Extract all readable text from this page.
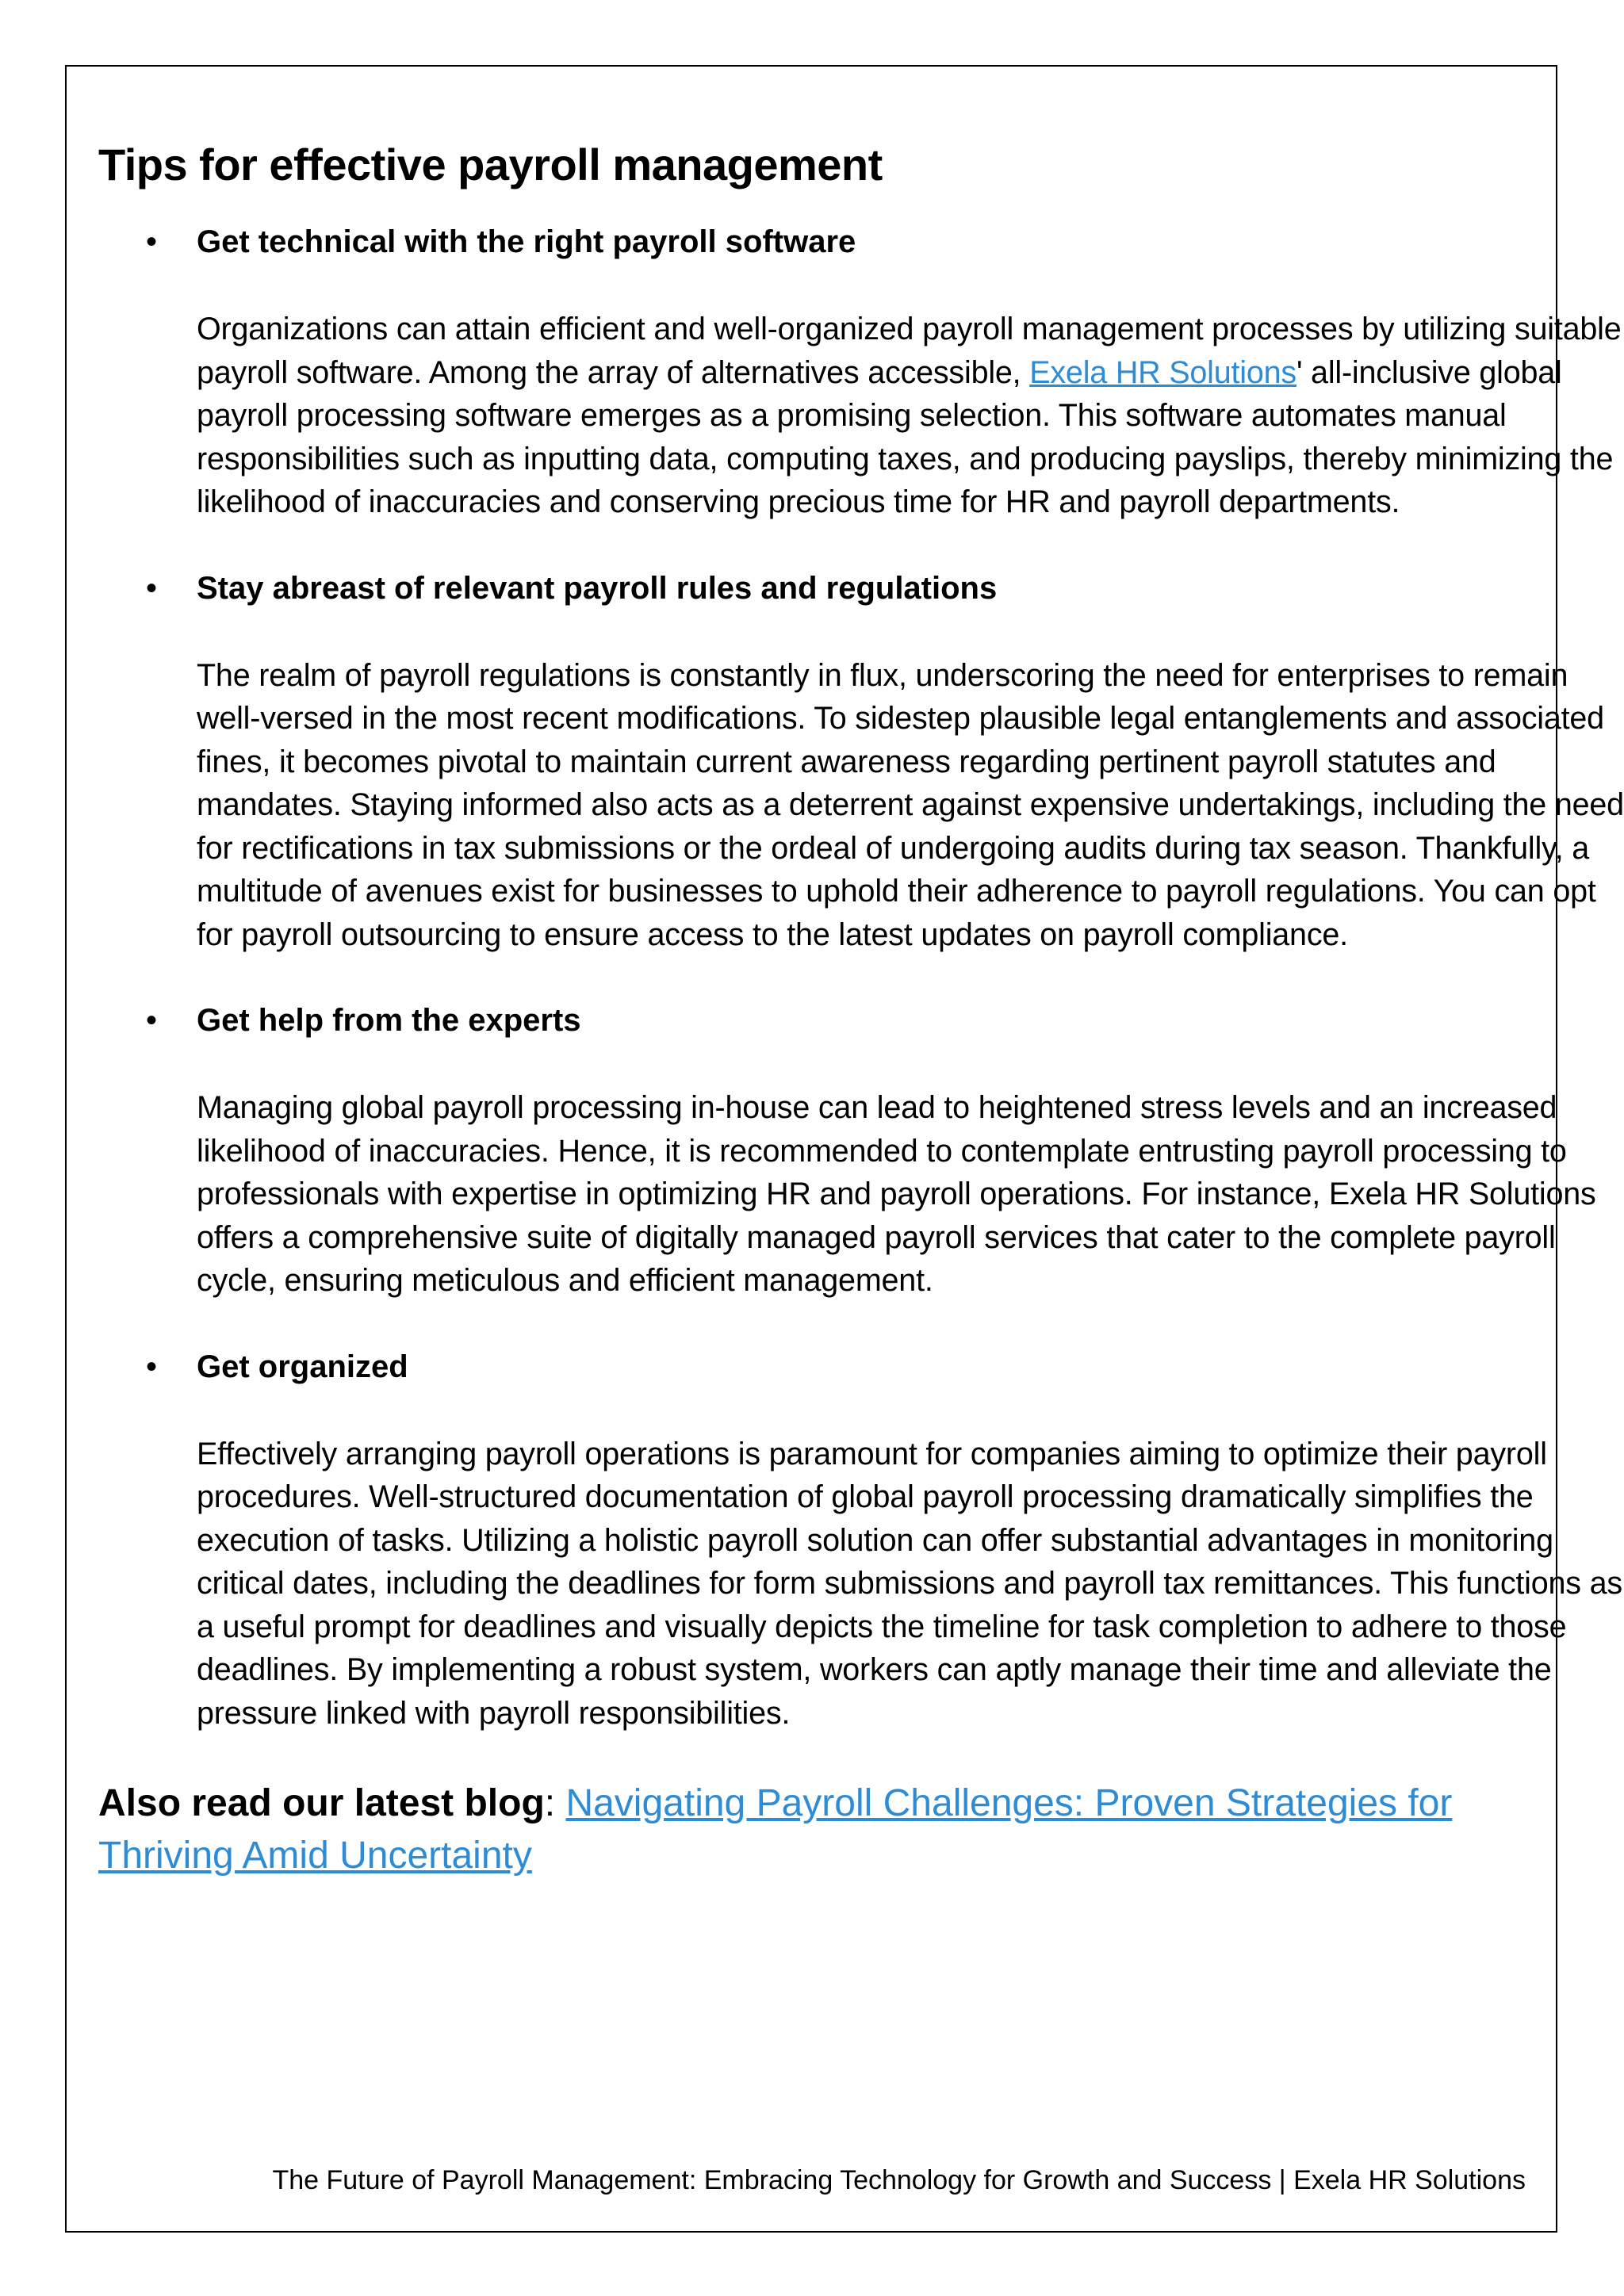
Tips for effective payroll management
• Get technical with the right payroll software

Organizations can attain efficient and well-organized payroll management processes by utilizing suitable payroll software. Among the array of alternatives accessible, Exela HR Solutions' all-inclusive global payroll processing software emerges as a promising selection. This software automates manual responsibilities such as inputting data, computing taxes, and producing payslips, thereby minimizing the likelihood of inaccuracies and conserving precious time for HR and payroll departments.

• Stay abreast of relevant payroll rules and regulations

The realm of payroll regulations is constantly in flux, underscoring the need for enterprises to remain well-versed in the most recent modifications. To sidestep plausible legal entanglements and associated fines, it becomes pivotal to maintain current awareness regarding pertinent payroll statutes and mandates. Staying informed also acts as a deterrent against expensive undertakings, including the need for rectifications in tax submissions or the ordeal of undergoing audits during tax season. Thankfully, a multitude of avenues exist for businesses to uphold their adherence to payroll regulations. You can opt for payroll outsourcing to ensure access to the latest updates on payroll compliance.

• Get help from the experts

Managing global payroll processing in-house can lead to heightened stress levels and an increased likelihood of inaccuracies. Hence, it is recommended to contemplate entrusting payroll processing to professionals with expertise in optimizing HR and payroll operations. For instance, Exela HR Solutions offers a comprehensive suite of digitally managed payroll services that cater to the complete payroll cycle, ensuring meticulous and efficient management.

• Get organized

Effectively arranging payroll operations is paramount for companies aiming to optimize their payroll procedures. Well-structured documentation of global payroll processing dramatically simplifies the execution of tasks. Utilizing a holistic payroll solution can offer substantial advantages in monitoring critical dates, including the deadlines for form submissions and payroll tax remittances. This functions as a useful prompt for deadlines and visually depicts the timeline for task completion to adhere to those deadlines. By implementing a robust system, workers can aptly manage their time and alleviate the pressure linked with payroll responsibilities.

Also read our latest blog: Navigating Payroll Challenges: Proven Strategies for Thriving Amid Uncertainty

The Future of Payroll Management: Embracing Technology for Growth and Success | Exela HR Solutions
